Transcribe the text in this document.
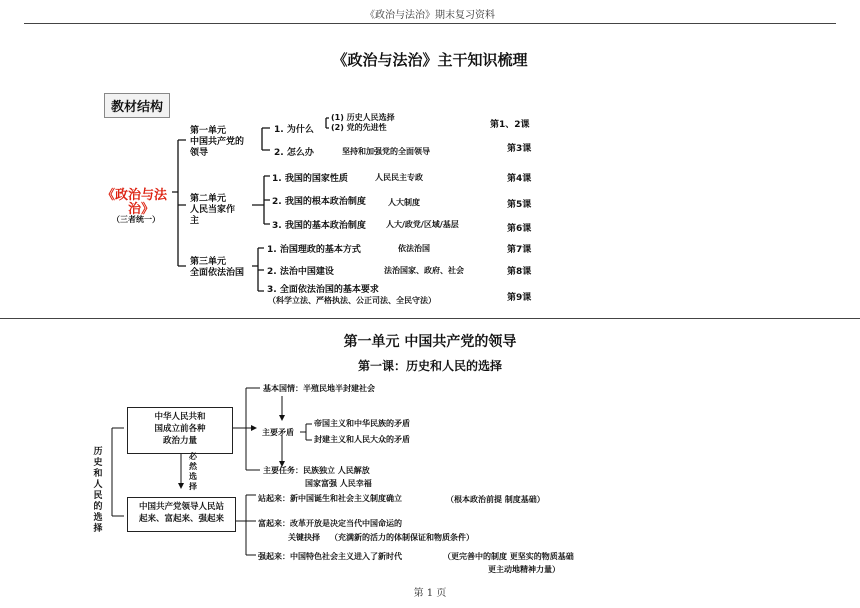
《政治与法治》期末复习资料
《政治与法治》主干知识梳理
教材结构
《政治与法
治》
（三者统一）
第一单元
中国共产党的
领导
1. 为什么
(1) 历史人民选择
(2) 党的先进性	第1、2课
2. 怎么办	坚持和加强党的全面领导	第3课
第二单元
人民当家作
主
1. 我国的国家性质	人民民主专政	第4课
2. 我国的根本政治制度	人大制度	第5课
3. 我国的基本政治制度	人大/政党/区域/基层	第6课
第三单元
全面依法治国
1. 治国理政的基本方式	依法治国	第7课
2. 法治中国建设	法治国家、政府、社会	第8课
3. 全面依法治国的基本要求
（科学立法、严格执法、公正司法、全民守法）	第9课
第一单元 中国共产党的领导
第一课：历史和人民的选择
历史和人民的选择
中华人民共和
国成立前各种
政治力量
必然选择
中国共产党领导人民站
起来、富起来、强起来
基本国情：半殖民地半封建社会
主要矛盾
帝国主义和中华民族的矛盾
封建主义和人民大众的矛盾
主要任务：民族独立 人民解放
国家富强 人民幸福
站起来：新中国诞生和社会主义制度确立	（根本政治前提 制度基础）
富起来：改革开放是决定当代中国命运的
关键抉择 （充满新的活力的体制保证和物质条件）
强起来：中国特色社会主义进入了新时代	（更完善中的制度 更坚实的物质基础
更主动地精神力量）
第 1 页
